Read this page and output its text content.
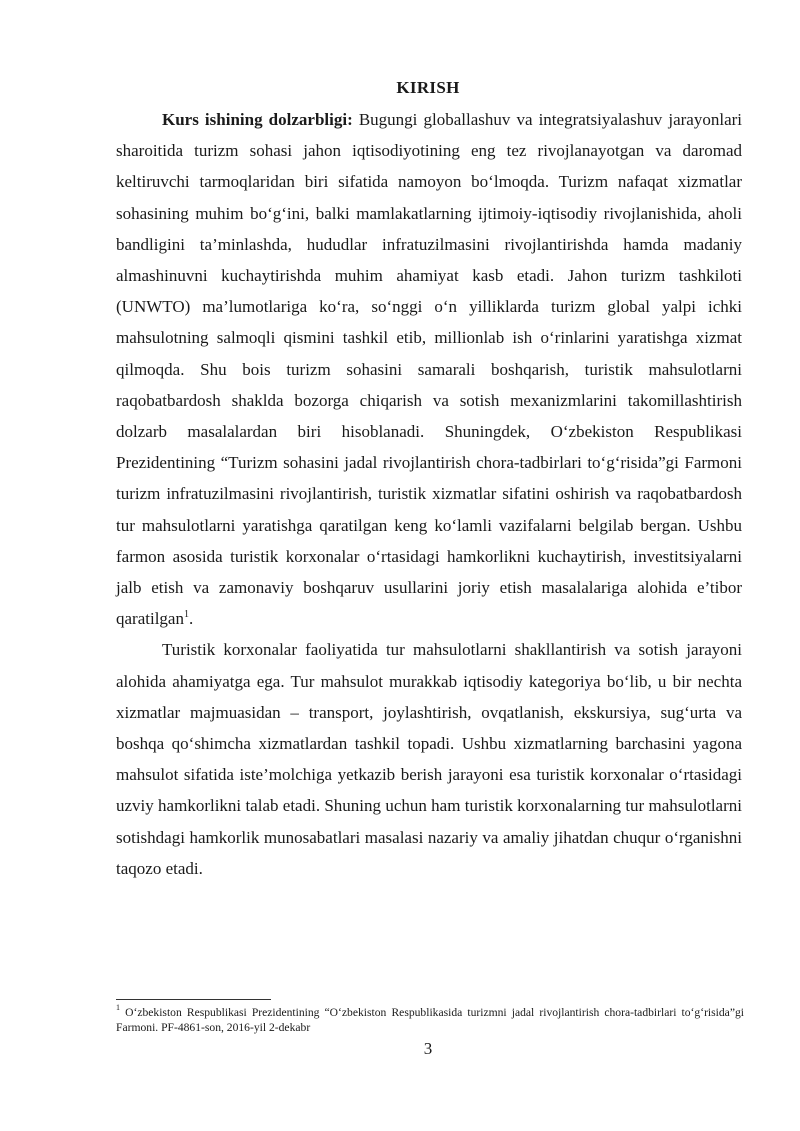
KIRISH

Kurs ishining dolzarbligi: Bugungi globallashuv va integratsiyalashuv jarayonlari sharoitida turizm sohasi jahon iqtisodiyotining eng tez rivojlanayotgan va daromad keltiruvchi tarmoqlaridan biri sifatida namoyon bo‘lmoqda. Turizm nafaqat xizmatlar sohasining muhim bo‘g‘ini, balki mamlakatlarning ijtimoiy-iqtisodiy rivojlanishida, aholi bandligini ta’minlashda, hududlar infratuzilmasini rivojlantirishda hamda madaniy almashinuvni kuchaytirishda muhim ahamiyat kasb etadi. Jahon turizm tashkiloti (UNWTO) ma’lumotlariga ko‘ra, so‘nggi o‘n yilliklarda turizm global yalpi ichki mahsulotning salmoqli qismini tashkil etib, millionlab ish o‘rinlarini yaratishga xizmat qilmoqda. Shu bois turizm sohasini samarali boshqarish, turistik mahsulotlarni raqobatbardosh shaklda bozorga chiqarish va sotish mexanizmlarini takomillashtirish dolzarb masalalardan biri hisoblanadi. Shuningdek, O‘zbekiston Respublikasi Prezidentining “Turizm sohasini jadal rivojlantirish chora-tadbirlari to‘g‘risida”gi Farmoni turizm infratuzilmasini rivojlantirish, turistik xizmatlar sifatini oshirish va raqobatbardosh tur mahsulotlarni yaratishga qaratilgan keng ko‘lamli vazifalarni belgilab bergan. Ushbu farmon asosida turistik korxonalar o‘rtasidagi hamkorlikni kuchaytirish, investitsiyalarni jalb etish va zamonaviy boshqaruv usullarini joriy etish masalalariga alohida e’tibor qaratilgan$^1$.

Turistik korxonalar faoliyatida tur mahsulotlarni shakllantirish va sotish jarayoni alohida ahamiyatga ega. Tur mahsulot murakkab iqtisodiy kategoriya bo‘lib, u bir nechta xizmatlar majmuasidan – transport, joylashtirish, ovqatlanish, ekskursiya, sug‘urta va boshqa qo‘shimcha xizmatlardan tashkil topadi. Ushbu xizmatlarning barchasini yagona mahsulot sifatida iste’molchiga yetkazib berish jarayoni esa turistik korxonalar o‘rtasidagi uzviy hamkorlikni talab etadi. Shuning uchun ham turistik korxonalarning tur mahsulotlarni sotishdagi hamkorlik munosabatlari masalasi nazariy va amaliy jihatdan chuqur o‘rganishni taqozo etadi.

$^1$ O‘zbekiston Respublikasi Prezidentining “O‘zbekiston Respublikasida turizmni jadal rivojlantirish chora-tadbirlari to‘g‘risida”gi Farmoni. PF-4861-son, 2016-yil 2-dekabr
3
